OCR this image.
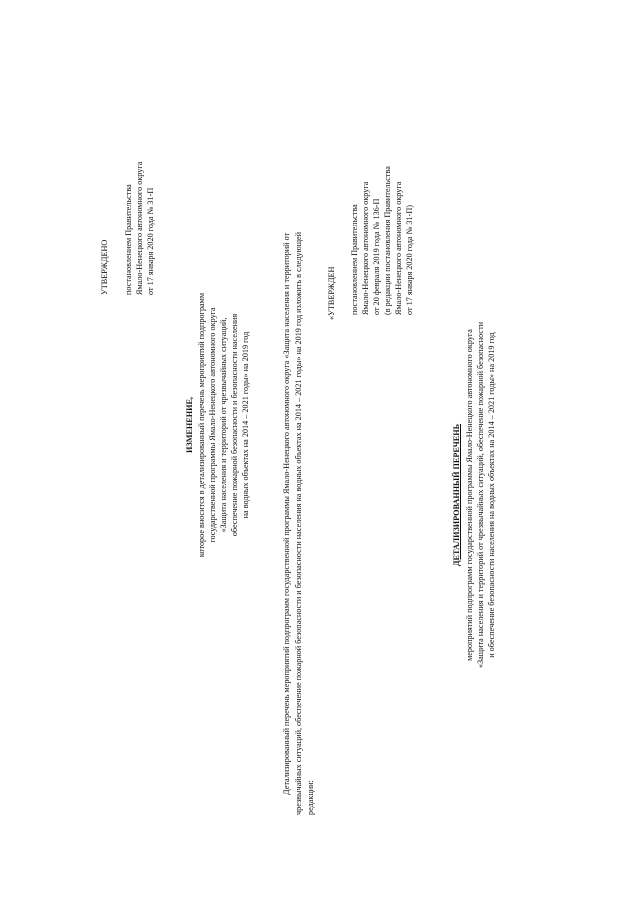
УТВЕРЖДЕНО постановлением Правительства Ямало-Ненецкого автономного округа от 17 января 2020 года № 31-П
ИЗМЕНЕНИЕ, которое вносится в детализированный перечень мероприятий подпрограмм государственной программы Ямало-Ненецкого автономного округа «Защита населения и территорий от чрезвычайных ситуаций, обеспечение пожарной безопасности и безопасности населения на водных объектах на 2014 – 2021 годы» на 2019 год	Детализированный перечень мероприятий подпрограмм государственной программы Ямало-Ненецкого автономного округа «Защита населения и территорий от чрезвычайных ситуаций, обеспечение пожарной безопасности и безопасности населения на водных объектах на 2014 – 2021 годы» на 2019 год изложить в следующей редакции:
«УТВЕРЖДЕН постановлением Правительства Ямало-Ненецкого автономного округа от 20 февраля 2019 года № 136-П (в редакции постановления Правительства Ямало-Ненецкого автономного округа от 17 января 2020 года № 31-П)
ДЕТАЛИЗИРОВАННЫЙ ПЕРЕЧЕНЬ мероприятий подпрограмм государственной программы Ямало-Ненецкого автономного округа «Защита населения и территорий от чрезвычайных ситуаций, обеспечение пожарной безопасности и обеспечение безопасности населения на водных объектах на 2014 – 2021 годы» на 2019 год
